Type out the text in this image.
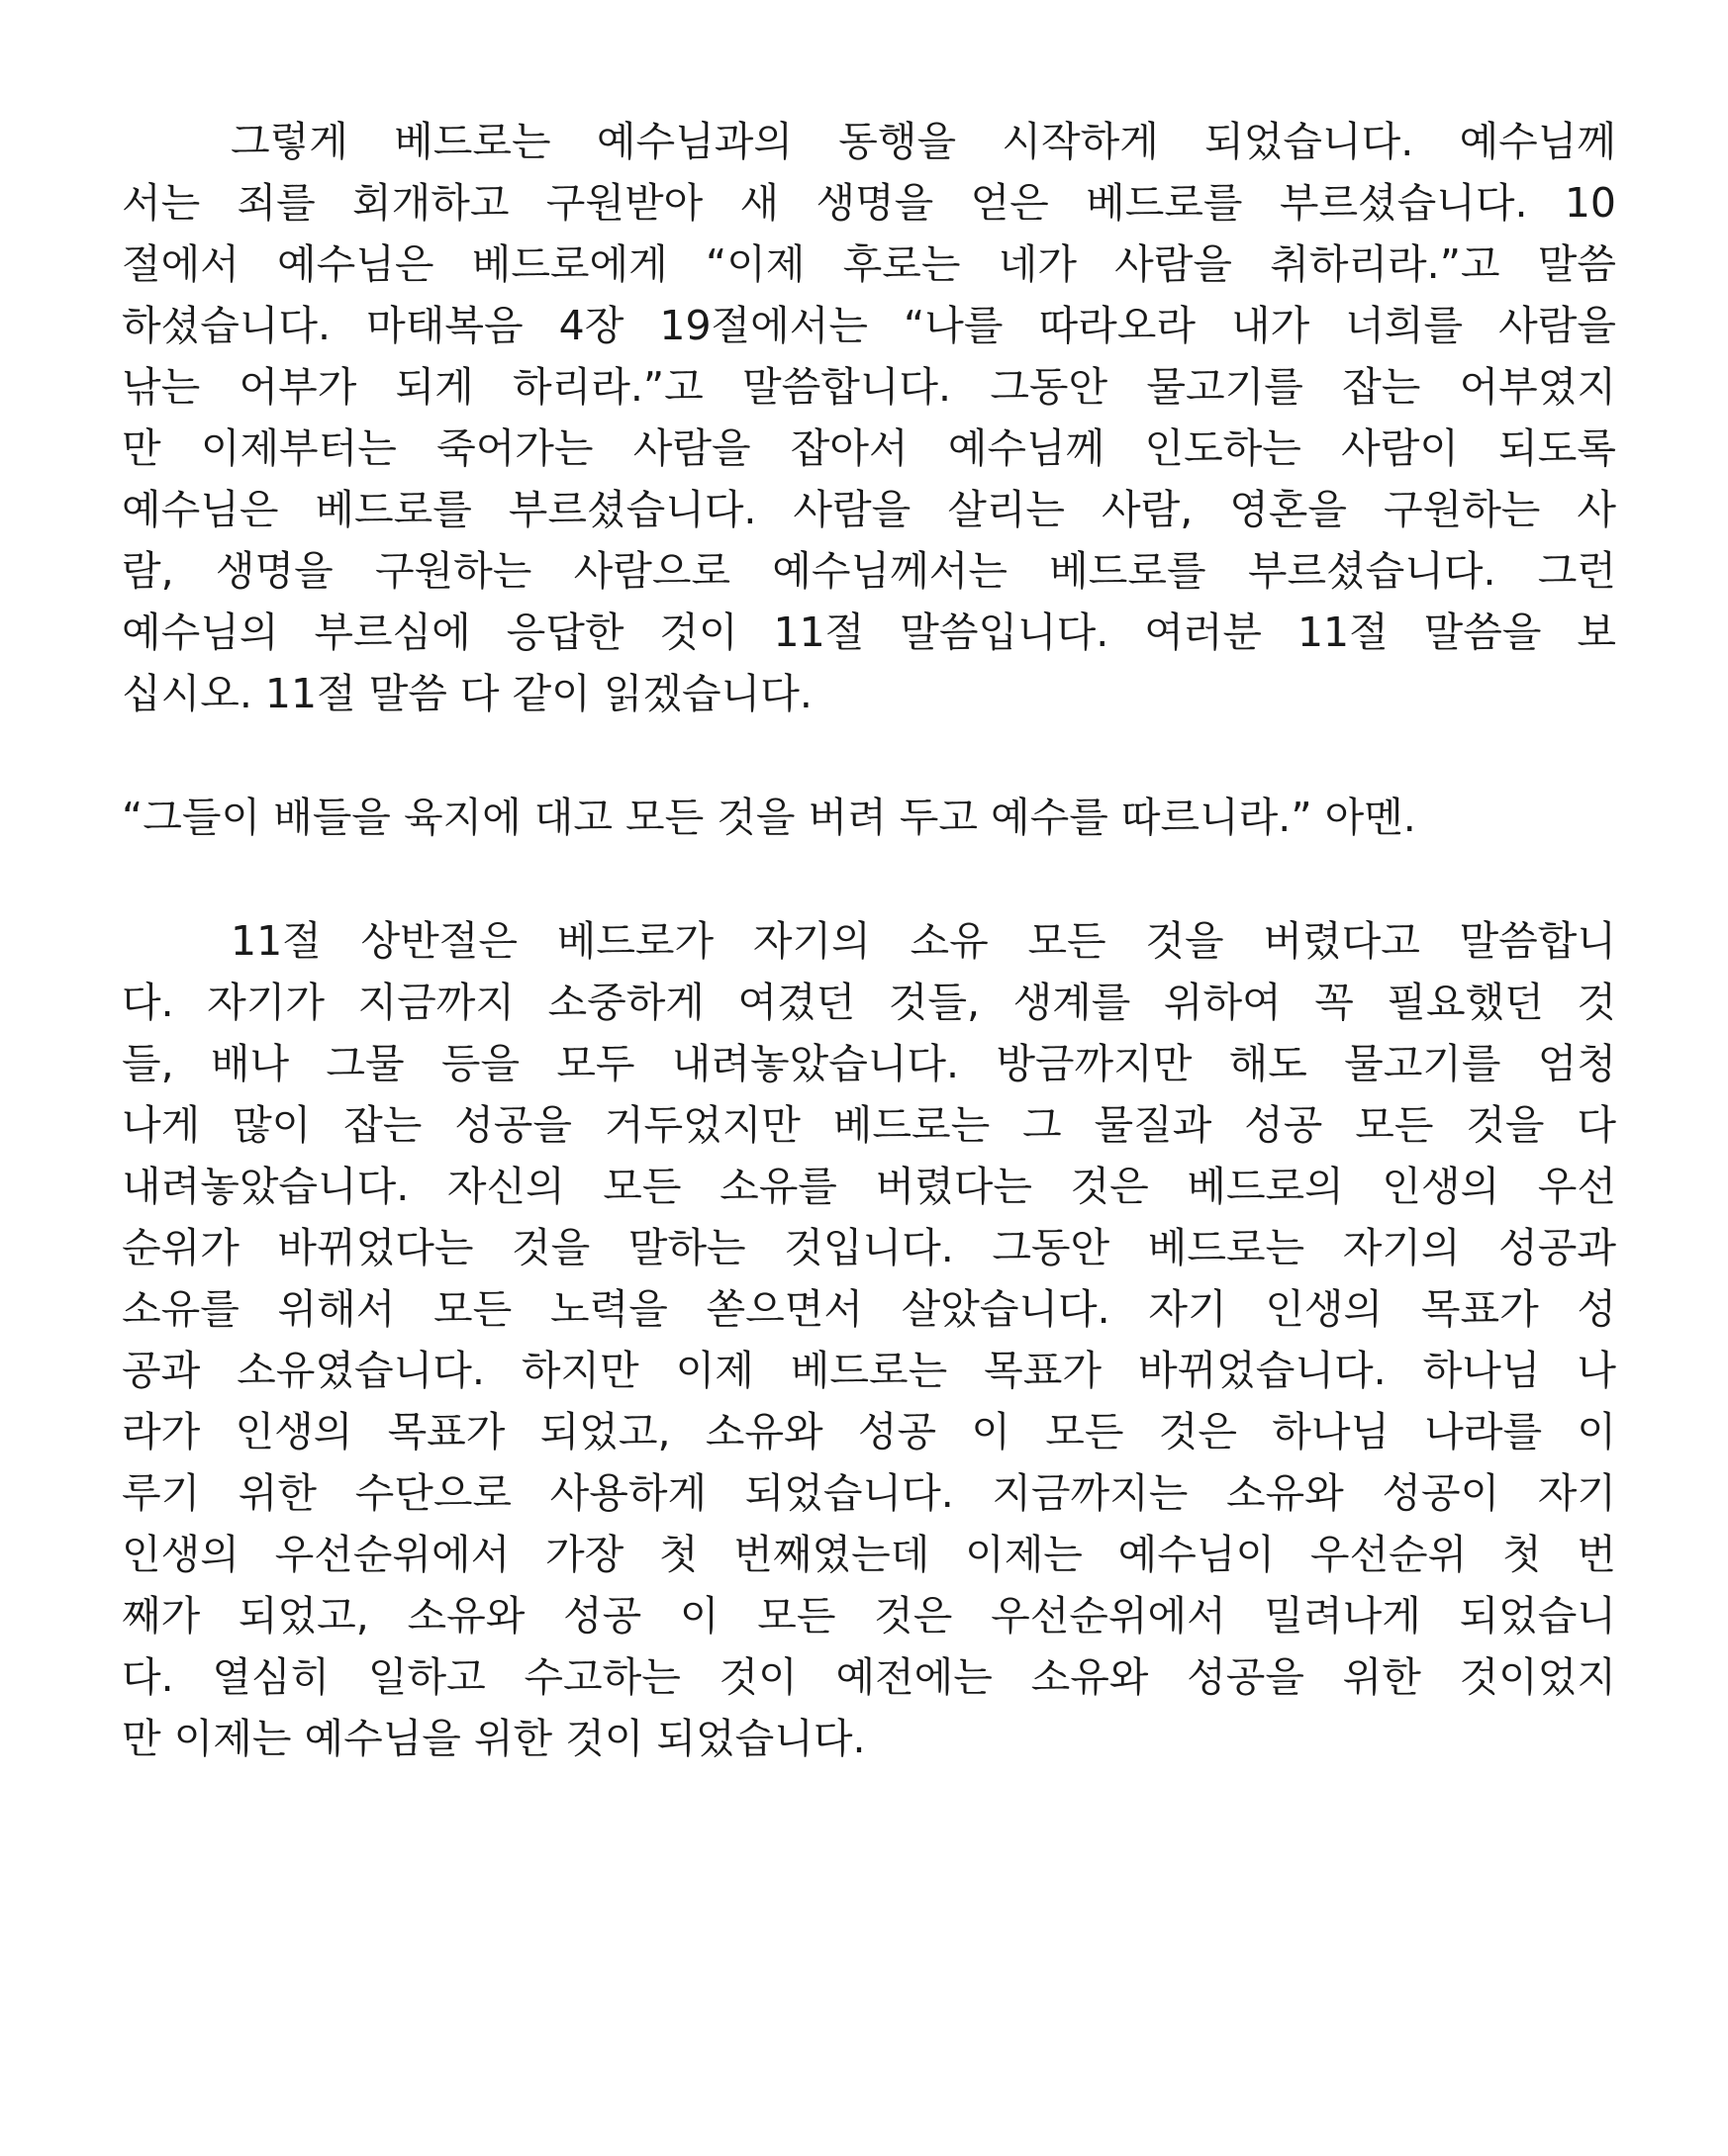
그렇게 베드로는 예수님과의 동행을 시작하게 되었습니다. 예수님께
서는 죄를 회개하고 구원받아 새 생명을 얻은 베드로를 부르셨습니다. 10
절에서 예수님은 베드로에게 “이제 후로는 네가 사람을 취하리라.”고 말씀
하셨습니다. 마태복음 4장 19절에서는 “나를 따라오라 내가 너희를 사람을
낚는 어부가 되게 하리라.”고 말씀합니다. 그동안 물고기를 잡는 어부였지
만 이제부터는 죽어가는 사람을 잡아서 예수님께 인도하는 사람이 되도록
예수님은 베드로를 부르셨습니다. 사람을 살리는 사람, 영혼을 구원하는 사
람, 생명을 구원하는 사람으로 예수님께서는 베드로를 부르셨습니다. 그런
예수님의 부르심에 응답한 것이 11절 말씀입니다. 여러분 11절 말씀을 보
십시오. 11절 말씀 다 같이 읽겠습니다.
“그들이 배들을 육지에 대고 모든 것을 버려 두고 예수를 따르니라.” 아멘.
11절 상반절은 베드로가 자기의 소유 모든 것을 버렸다고 말씀합니
다. 자기가 지금까지 소중하게 여겼던 것들, 생계를 위하여 꼭 필요했던 것
들, 배나 그물 등을 모두 내려놓았습니다. 방금까지만 해도 물고기를 엄청
나게 많이 잡는 성공을 거두었지만 베드로는 그 물질과 성공 모든 것을 다
내려놓았습니다. 자신의 모든 소유를 버렸다는 것은 베드로의 인생의 우선
순위가 바뀌었다는 것을 말하는 것입니다. 그동안 베드로는 자기의 성공과
소유를 위해서 모든 노력을 쏟으면서 살았습니다. 자기 인생의 목표가 성
공과 소유였습니다. 하지만 이제 베드로는 목표가 바뀌었습니다. 하나님 나
라가 인생의 목표가 되었고, 소유와 성공 이 모든 것은 하나님 나라를 이
루기 위한 수단으로 사용하게 되었습니다. 지금까지는 소유와 성공이 자기
인생의 우선순위에서 가장 첫 번째였는데 이제는 예수님이 우선순위 첫 번
째가 되었고, 소유와 성공 이 모든 것은 우선순위에서 밀려나게 되었습니
다. 열심히 일하고 수고하는 것이 예전에는 소유와 성공을 위한 것이었지
만 이제는 예수님을 위한 것이 되었습니다.
